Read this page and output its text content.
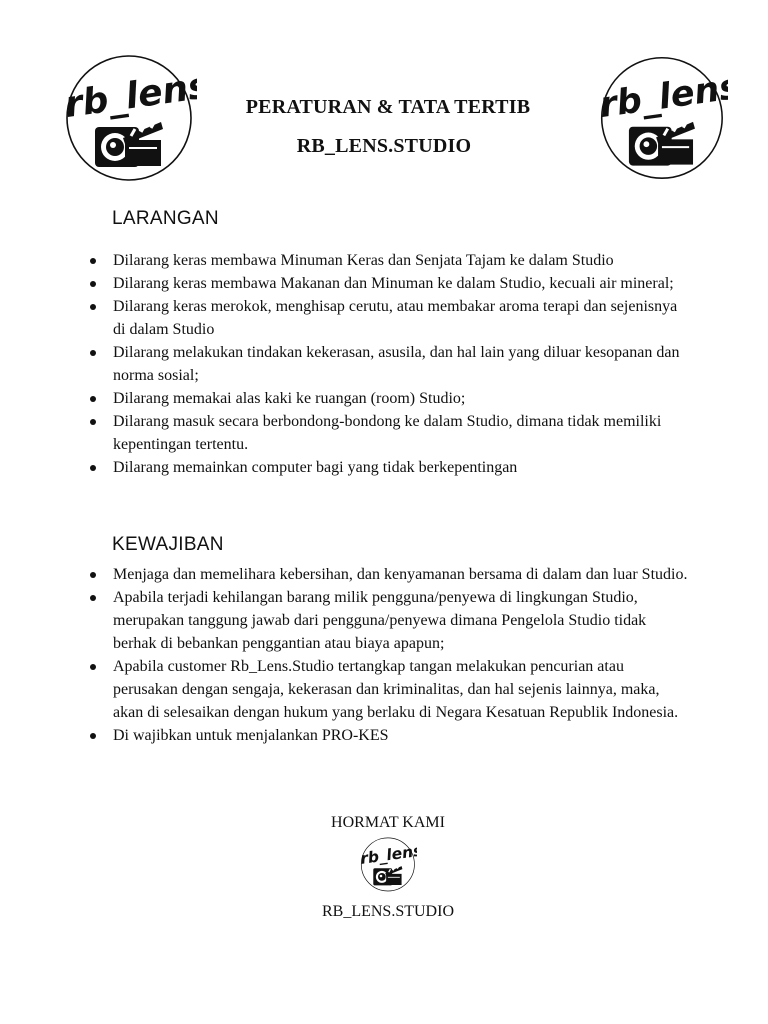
PERATURAN & TATA TERTIB
RB_LENS.STUDIO
LARANGAN
Dilarang keras membawa Minuman Keras dan Senjata Tajam ke dalam Studio
Dilarang keras membawa Makanan dan Minuman ke dalam Studio, kecuali air mineral;
Dilarang keras merokok, menghisap cerutu, atau membakar aroma terapi dan sejenisnya di dalam Studio
Dilarang melakukan tindakan kekerasan, asusila, dan hal lain yang diluar kesopanan dan norma sosial;
Dilarang memakai alas kaki ke ruangan (room) Studio;
Dilarang masuk secara berbondong-bondong ke dalam Studio, dimana tidak memiliki kepentingan tertentu.
Dilarang memainkan computer bagi yang tidak berkepentingan
KEWAJIBAN
Menjaga dan memelihara kebersihan, dan kenyamanan bersama di dalam dan luar Studio.
Apabila terjadi kehilangan barang milik pengguna/penyewa di lingkungan Studio, merupakan tanggung jawab dari pengguna/penyewa dimana Pengelola Studio tidak berhak di bebankan penggantian atau biaya apapun;
Apabila customer Rb_Lens.Studio tertangkap tangan melakukan pencurian atau perusakan dengan sengaja, kekerasan dan kriminalitas, dan hal sejenis lainnya, maka, akan di selesaikan dengan hukum yang berlaku di Negara Kesatuan Republik Indonesia.
Di wajibkan untuk menjalankan PRO-KES
HORMAT KAMI
RB_LENS.STUDIO
